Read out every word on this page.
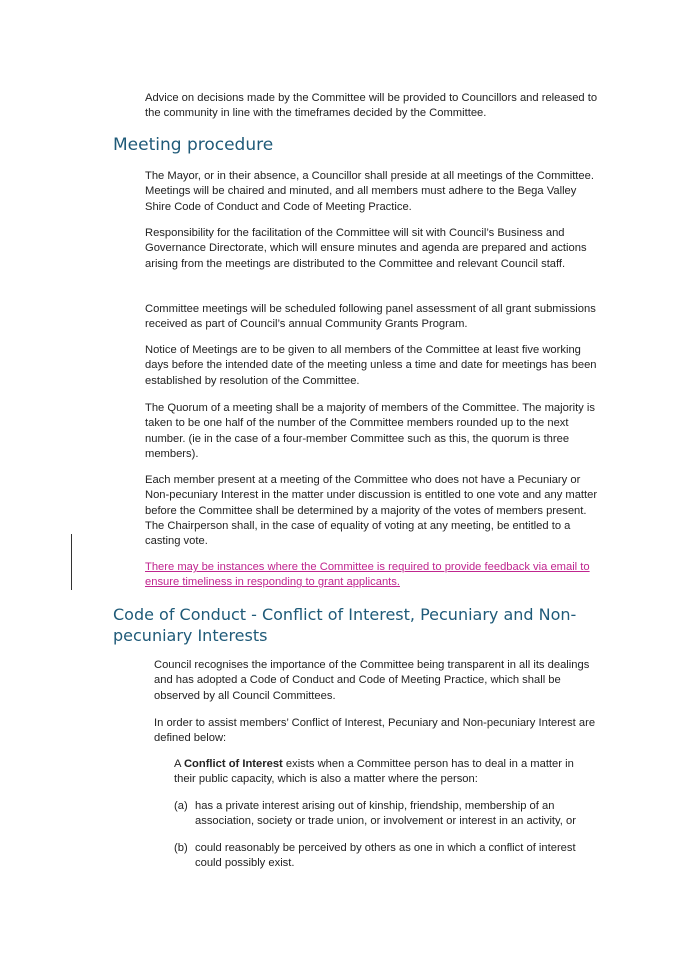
Advice on decisions made by the Committee will be provided to Councillors and released to the community in line with the timeframes decided by the Committee.

Meeting procedure

The Mayor, or in their absence, a Councillor shall preside at all meetings of the Committee. Meetings will be chaired and minuted, and all members must adhere to the Bega Valley Shire Code of Conduct and Code of Meeting Practice.

Responsibility for the facilitation of the Committee will sit with Council’s Business and Governance Directorate, which will ensure minutes and agenda are prepared and actions arising from the meetings are distributed to the Committee and relevant Council staff.

Committee meetings will be scheduled following panel assessment of all grant submissions received as part of Council’s annual Community Grants Program.

Notice of Meetings are to be given to all members of the Committee at least five working days before the intended date of the meeting unless a time and date for meetings has been established by resolution of the Committee.

The Quorum of a meeting shall be a majority of members of the Committee. The majority is taken to be one half of the number of the Committee members rounded up to the next number. (ie in the case of a four-member Committee such as this, the quorum is three members).

Each member present at a meeting of the Committee who does not have a Pecuniary or Non-pecuniary Interest in the matter under discussion is entitled to one vote and any matter before the Committee shall be determined by a majority of the votes of members present. The Chairperson shall, in the case of equality of voting at any meeting, be entitled to a casting vote.

There may be instances where the Committee is required to provide feedback via email to ensure timeliness in responding to grant applicants.

Code of Conduct - Conflict of Interest, Pecuniary and Non-pecuniary Interests

Council recognises the importance of the Committee being transparent in all its dealings and has adopted a Code of Conduct and Code of Meeting Practice, which shall be observed by all Council Committees.

In order to assist members’ Conflict of Interest, Pecuniary and Non-pecuniary Interest are defined below:

A Conflict of Interest exists when a Committee person has to deal in a matter in their public capacity, which is also a matter where the person:

(a) has a private interest arising out of kinship, friendship, membership of an association, society or trade union, or involvement or interest in an activity, or
(b) could reasonably be perceived by others as one in which a conflict of interest could possibly exist.
